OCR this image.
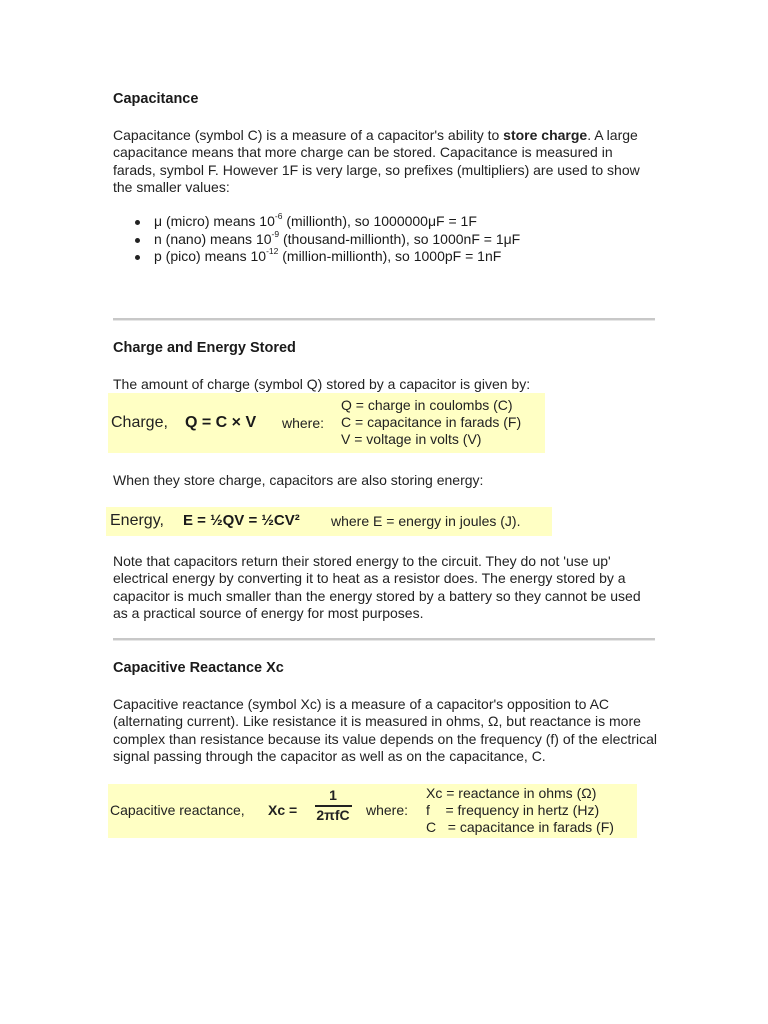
Capacitance

Capacitance (symbol C) is a measure of a capacitor's ability to store charge. A large capacitance means that more charge can be stored. Capacitance is measured in farads, symbol F. However 1F is very large, so prefixes (multipliers) are used to show the smaller values:

μ (micro) means $10^{-6}$ (millionth), so 1000000μF = 1F
n (nano) means $10^{-9}$ (thousand-millionth), so 1000nF = 1μF
p (pico) means $10^{-12}$ (million-millionth), so 1000pF = 1nF
Charge and Energy Stored

The amount of charge (symbol Q) stored by a capacitor is given by:

Charge, Q = C × V where:
Q = charge in coulombs (C)
C = capacitance in farads (F)
V = voltage in volts (V)

When they store charge, capacitors are also storing energy:

Energy, E = ½QV = ½CV² where E = energy in joules (J).

Note that capacitors return their stored energy to the circuit. They do not 'use up' electrical energy by converting it to heat as a resistor does. The energy stored by a capacitor is much smaller than the energy stored by a battery so they cannot be used as a practical source of energy for most purposes.

Capacitive Reactance Xc

Capacitive reactance (symbol Xc) is a measure of a capacitor's opposition to AC (alternating current). Like resistance it is measured in ohms, Ω, but reactance is more complex than resistance because its value depends on the frequency (f) of the electrical signal passing through the capacitor as well as on the capacitance, C.

Capacitive reactance, Xc =
1
2πfC where:
Xc = reactance in ohms (Ω)
f    = frequency in hertz (Hz)
C   = capacitance in farads (F)
